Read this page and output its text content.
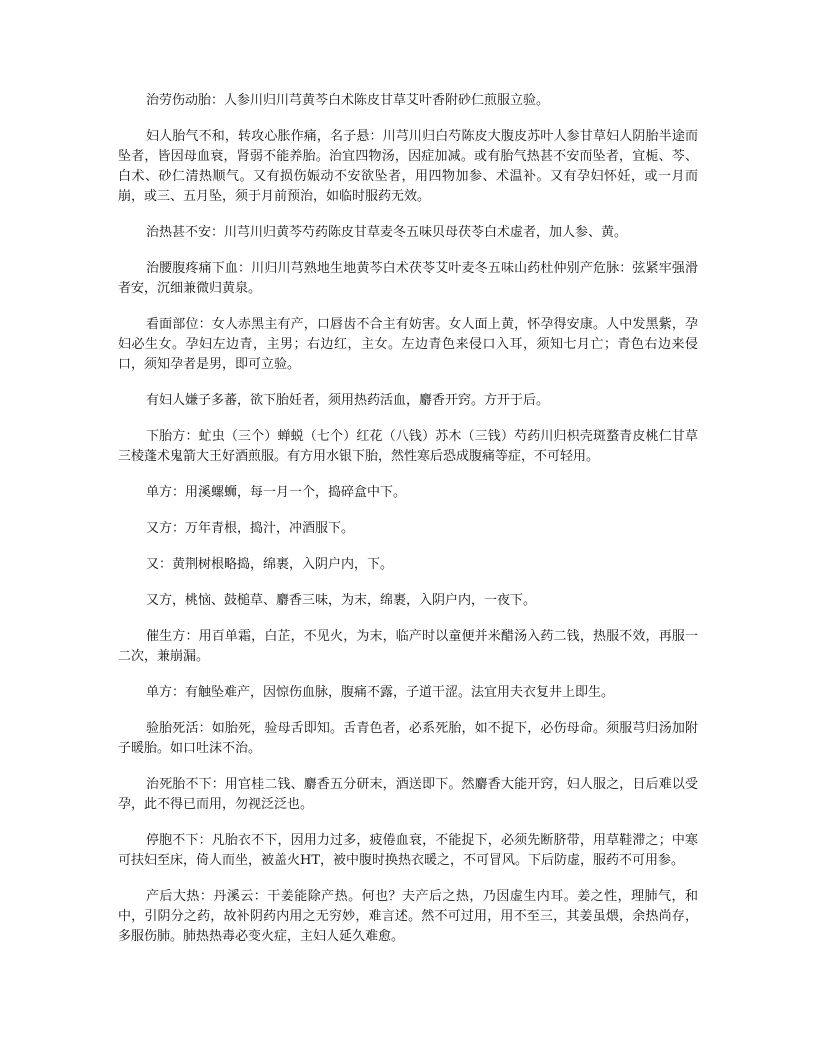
治劳伤动胎：人参川归川芎黄芩白术陈皮甘草艾叶香附砂仁煎服立验。

妇人胎气不和，转攻心胀作痛，名子悬：川芎川归白芍陈皮大腹皮苏叶人参甘草妇人阴胎半途而坠者，皆因母血衰，肾弱不能养胎。治宜四物汤，因症加减。或有胎气热甚不安而坠者，宜栀、芩、白术、砂仁清热顺气。又有损伤娠动不安欲坠者，用四物加参、术温补。又有孕妇怀妊，或一月而崩，或三、五月坠，须于月前预治，如临时服药无效。

治热甚不安：川芎川归黄芩芍药陈皮甘草麦冬五味贝母茯苓白术虚者，加人参、黄。

治腰腹疼痛下血：川归川芎熟地生地黄芩白术茯苓艾叶麦冬五味山药杜仲别产危脉：弦紧牢强滑者安，沉细兼微归黄泉。

看面部位：女人赤黑主有产，口唇齿不合主有妨害。女人面上黄，怀孕得安康。人中发黑紫，孕妇必生女。孕妇左边青，主男；右边红，主女。左边青色来侵口入耳，须知七月亡；青色右边来侵口，须知孕者是男，即可立验。

有妇人嫌子多蕃，欲下胎妊者，须用热药活血，麝香开窍。方开于后。

下胎方：虻虫（三个）蝉蜕（七个）红花（八钱）苏木（三钱）芍药川归枳壳斑蝥青皮桃仁甘草三棱蓬术鬼箭大王好酒煎服。有方用水银下胎，然性寒后恐成腹痛等症，不可轻用。

单方：用溪螺蛳，每一月一个，捣碎盒中下。

又方：万年青根，捣汁，冲酒服下。

又：黄荆树根略捣，绵裹，入阴户内，下。

又方，桃恼、鼓槌草、麝香三味，为末，绵裹，入阴户内，一夜下。

催生方：用百单霜，白芷，不见火，为末，临产时以童便并米醋汤入药二钱，热服不效，再服一二次，兼崩漏。

单方：有触坠难产，因惊伤血脉，腹痛不露，子道干涩。法宜用夫衣复井上即生。

验胎死活：如胎死，验母舌即知。舌青色者，必系死胎，如不捉下，必伤母命。须服芎归汤加附子暖胎。如口吐沫不治。

治死胎不下：用官桂二钱、麝香五分研末，酒送即下。然麝香大能开窍，妇人服之，日后难以受孕，此不得已而用，勿视泛泛也。

停胞不下：凡胎衣不下，因用力过多，疲倦血衰，不能捉下，必须先断脐带，用草鞋滞之；中寒可扶妇至床，倚人而坐，被盖火HT，被中腹时换热衣暖之，不可冒风。下后防虚，服药不可用参。

产后大热：丹溪云：干姜能除产热。何也？夫产后之热，乃因虚生内耳。姜之性，理肺气，和中，引阴分之药，故补阴药内用之无穷妙，难言述。然不可过用，用不至三，其姜虽煨，余热尚存，多服伤肺。肺热热毒必变火症，主妇人延久难愈。
